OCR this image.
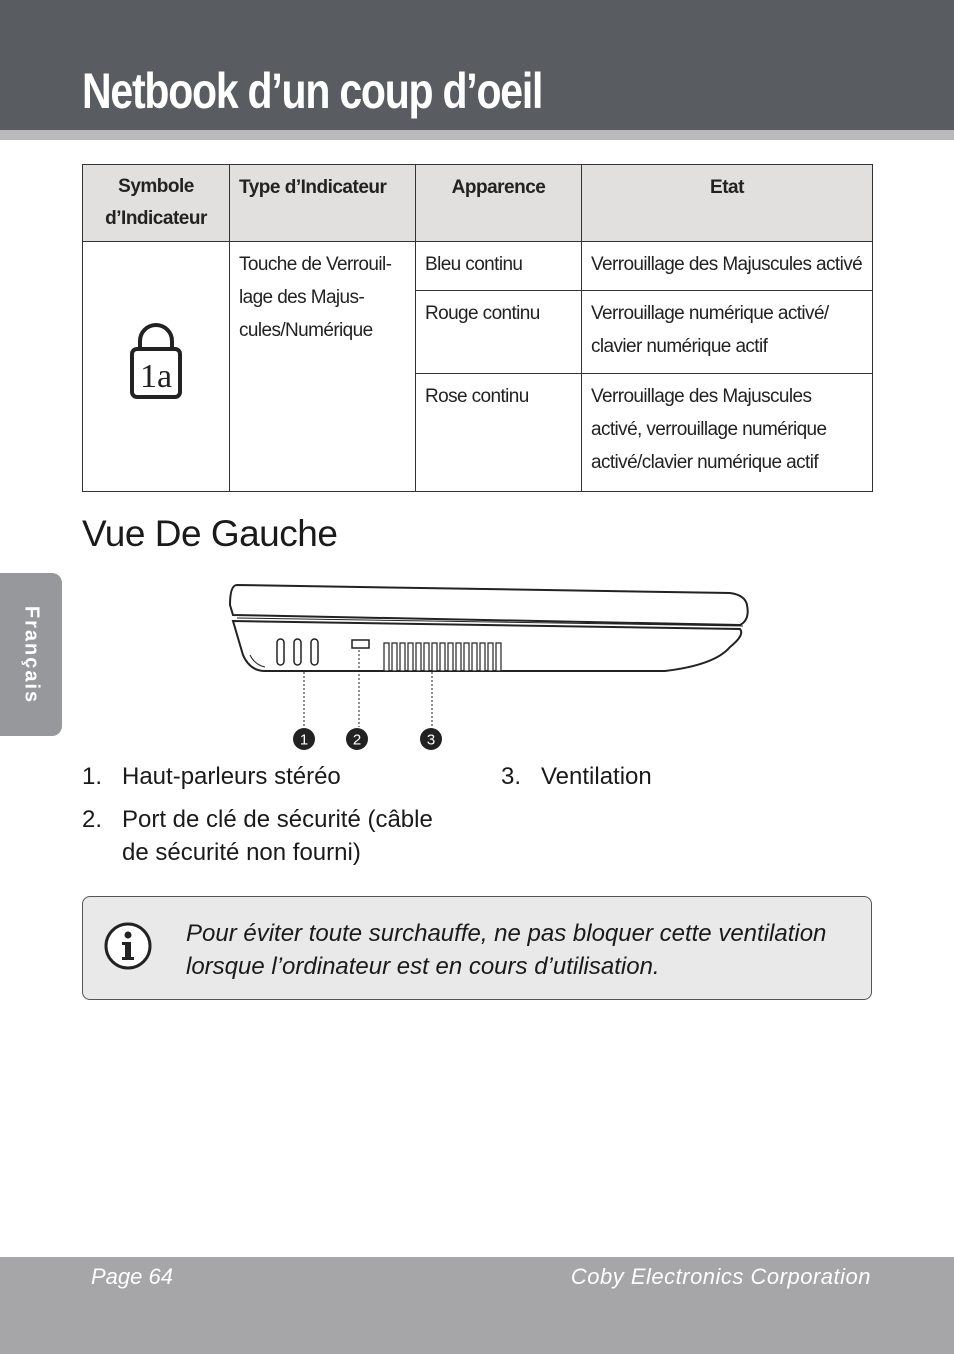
Netbook d’un coup d’oeil
Français
Symbole d’Indicateur	Type d’Indicateur	Apparence	Etat

1a	Touche de Verrouil-lage des Majus-cules/Numérique	Bleu continu	Verrouillage des Majuscules activé
		Rouge continu	Verrouillage numérique activé/ clavier numérique actif
		Rose continu	Verrouillage des Majuscules activé, verrouillage numérique activé/clavier numérique actif
Vue De Gauche
1	2	3
1. Haut-parleurs stéréo
2. Port de clé de sécurité (câble de sécurité non fourni)
3. Ventilation
Pour éviter toute surchauffe, ne pas bloquer cette ventilation lorsque l’ordinateur est en cours d’utilisation.
Page 64	Coby Electronics Corporation
